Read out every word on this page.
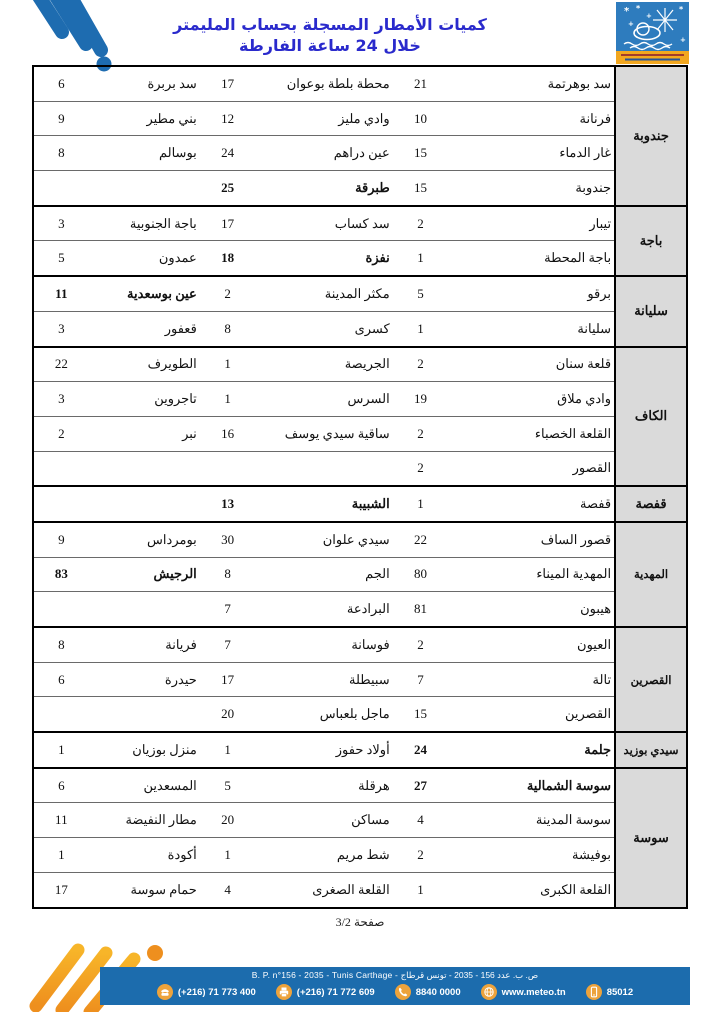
كميات الأمطار المسجلة بحساب المليمتر
خلال 24 ساعة الفارطة
* *
+
+
*
+
جندوبة	سد بوهرتمة	21	محطة بلطة بوعوان	17	سد بربرة	6
	فرنانة	10	وادي مليز	12	بني مطير	9
	غار الدماء	15	عين دراهم	24	بوسالم	8
	جندوبة	15	طبرقة	25		
باجة	تيبار	2	سد كساب	17	باجة الجنوبية	3
	باجة المحطة	1	نفزة	18	عمدون	5
سليانة	برقو	5	مكثر المدينة	2	عين بوسعدية	11
	سليانة	1	كسرى	8	قعفور	3
الكاف	قلعة سنان	2	الجريصة	1	الطويرف	22
	وادي ملاق	19	السرس	1	تاجروين	3
	القلعة الخصباء	2	ساقية سيدي يوسف	16	نبر	2
	القصور	2				
قفصة	قفصة	1	الشبيبة	13		
المهدية	قصور الساف	22	سيدي علوان	30	بومرداس	9
	المهدية الميناء	80	الجم	8	الرجيش	83
	هيبون	81	البرادعة	7		
القصرين	العيون	2	فوسانة	7	فريانة	8
	تالة	7	سبيطلة	17	حيدرة	6
	القصرين	15	ماجل بلعباس	20		
سيدي بوزيد	جلمة	24	أولاد حفوز	1	منزل بوزيان	1
سوسة	سوسة الشمالية	27	هرقلة	5	المسعدين	6
	سوسة المدينة	4	مساكن	20	مطار النفيضة	11
	بوفيشة	2	شط مريم	1	أكودة	1
	القلعة الكبرى	1	القلعة الصغرى	4	حمام سوسة	17
صفحة 3/2
B. P. n°156 - 2035 - Tunis Carthage - ص. ب. عدد 156 - 2035 - تونس قرطاج
(+216) 71 773 400	(+216) 71 772 609	8840 0000	www.meteo.tn	85012
